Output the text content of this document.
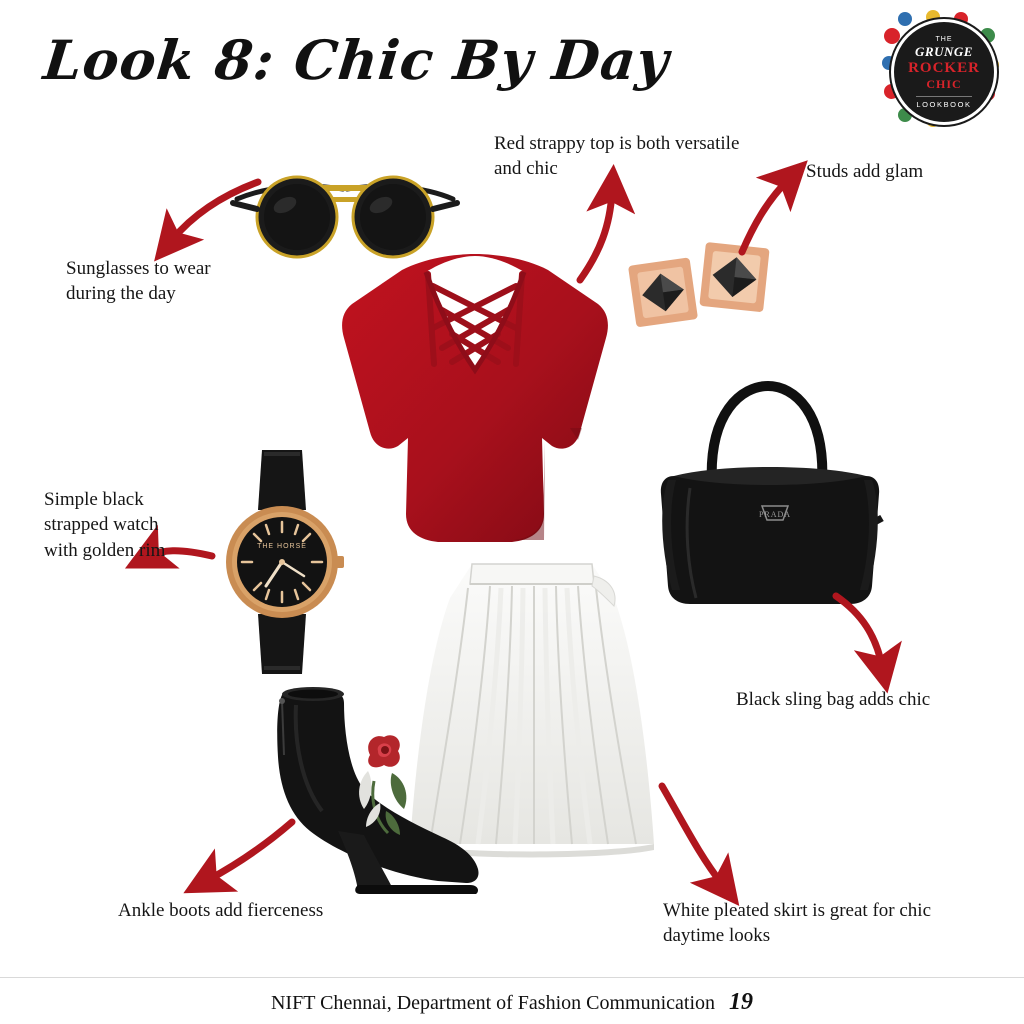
Look 8: Chic By Day	THE
GRUNGE
ROCKER
CHIC
LOOKBOOK
THE HORSE
PRADA
Red strappy top is both versatile and chic	Studs add glam
Sunglasses to wear during the day
Simple black strapped watch with golden rim
Black sling bag adds chic
Ankle boots add fierceness	White pleated skirt is great for chic daytime looks
NIFT Chennai, Department of Fashion Communication 19
